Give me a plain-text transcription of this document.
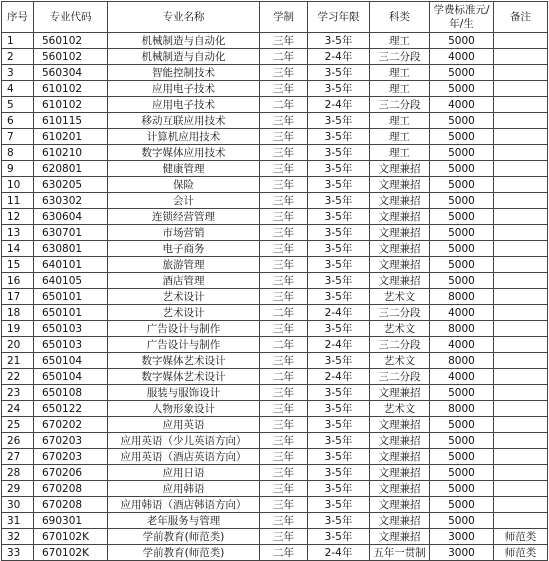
序号	专业代码	专业名称	学制	学习年限	科类	学费标准元/年/生	备注
1	560102	机械制造与自动化	三年	3-5年	理工	5000	
2	560102	机械制造与自动化	二年	2-4年	三二分段	4000	
3	560304	智能控制技术	三年	3-5年	理工	5000	
4	610102	应用电子技术	三年	3-5年	理工	5000	
5	610102	应用电子技术	二年	2-4年	三二分段	4000	
6	610115	移动互联应用技术	三年	3-5年	理工	5000	
7	610201	计算机应用技术	三年	3-5年	理工	5000	
8	610210	数字媒体应用技术	三年	3-5年	理工	5000	
9	620801	健康管理	三年	3-5年	文理兼招	5000	
10	630205	保险	三年	3-5年	文理兼招	5000	
11	630302	会计	三年	3-5年	文理兼招	5000	
12	630604	连锁经营管理	三年	3-5年	文理兼招	5000	
13	630701	市场营销	三年	3-5年	文理兼招	5000	
14	630801	电子商务	三年	3-5年	文理兼招	5000	
15	640101	旅游管理	三年	3-5年	文理兼招	5000	
16	640105	酒店管理	三年	3-5年	文理兼招	5000	
17	650101	艺术设计	三年	3-5年	艺术文	8000	
18	650101	艺术设计	二年	2-4年	三二分段	4000	
19	650103	广告设计与制作	三年	3-5年	艺术文	8000	
20	650103	广告设计与制作	二年	2-4年	三二分段	4000	
21	650104	数字媒体艺术设计	三年	3-5年	艺术文	8000	
22	650104	数字媒体艺术设计	二年	2-4年	三二分段	4000	
23	650108	服装与服饰设计	三年	3-5年	文理兼招	5000	
24	650122	人物形象设计	三年	3-5年	艺术文	8000	
25	670202	应用英语	三年	3-5年	文理兼招	5000	
26	670203	应用英语（少儿英语方向）	三年	3-5年	文理兼招	5000	
27	670203	应用英语（酒店英语方向）	三年	3-5年	文理兼招	5000	
28	670206	应用日语	三年	3-5年	文理兼招	5000	
29	670208	应用韩语	三年	3-5年	文理兼招	5000	
30	670208	应用韩语（酒店韩语方向）	三年	3-5年	文理兼招	5000	
31	690301	老年服务与管理	三年	3-5年	文理兼招	5000	
32	670102K	学前教育(师范类)	三年	3-5年	文理兼招	3000	师范类
33	670102K	学前教育(师范类)	二年	2-4年	五年一贯制	3000	师范类
